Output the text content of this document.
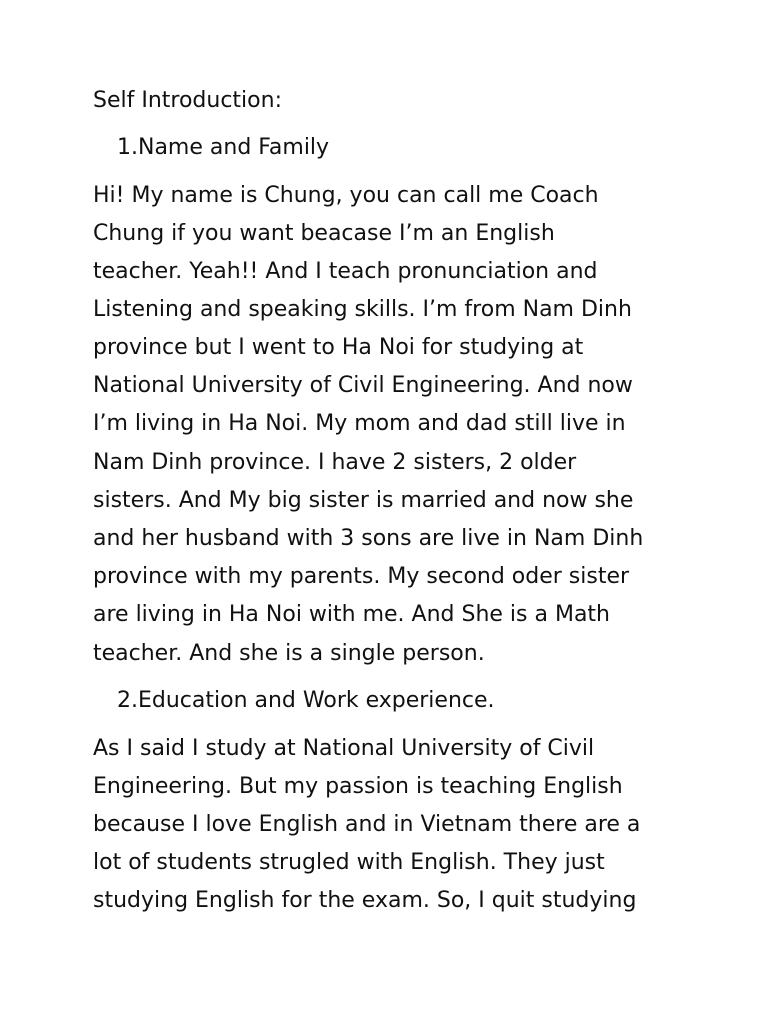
Self Introduction:

1.Name and Family

Hi! My name is Chung, you can call me Coach

Chung if you want beacase I’m an English

teacher. Yeah!! And I teach pronunciation and

Listening and speaking skills. I’m from Nam Dinh

province but I went to Ha Noi for studying at

National University of Civil Engineering. And now

I’m living in Ha Noi. My mom and dad still live in

Nam Dinh province. I have 2 sisters, 2 older

sisters. And My big sister is married and now she

and her husband with 3 sons are live in Nam Dinh

province with my parents. My second oder sister

are living in Ha Noi with me. And She is a Math

teacher. And she is a single person.

2.Education and Work experience.

As I said I study at National University of Civil

Engineering. But my passion is teaching English

because I love English and in Vietnam there are a

lot of students strugled with English. They just

studying English for the exam. So, I quit studying
